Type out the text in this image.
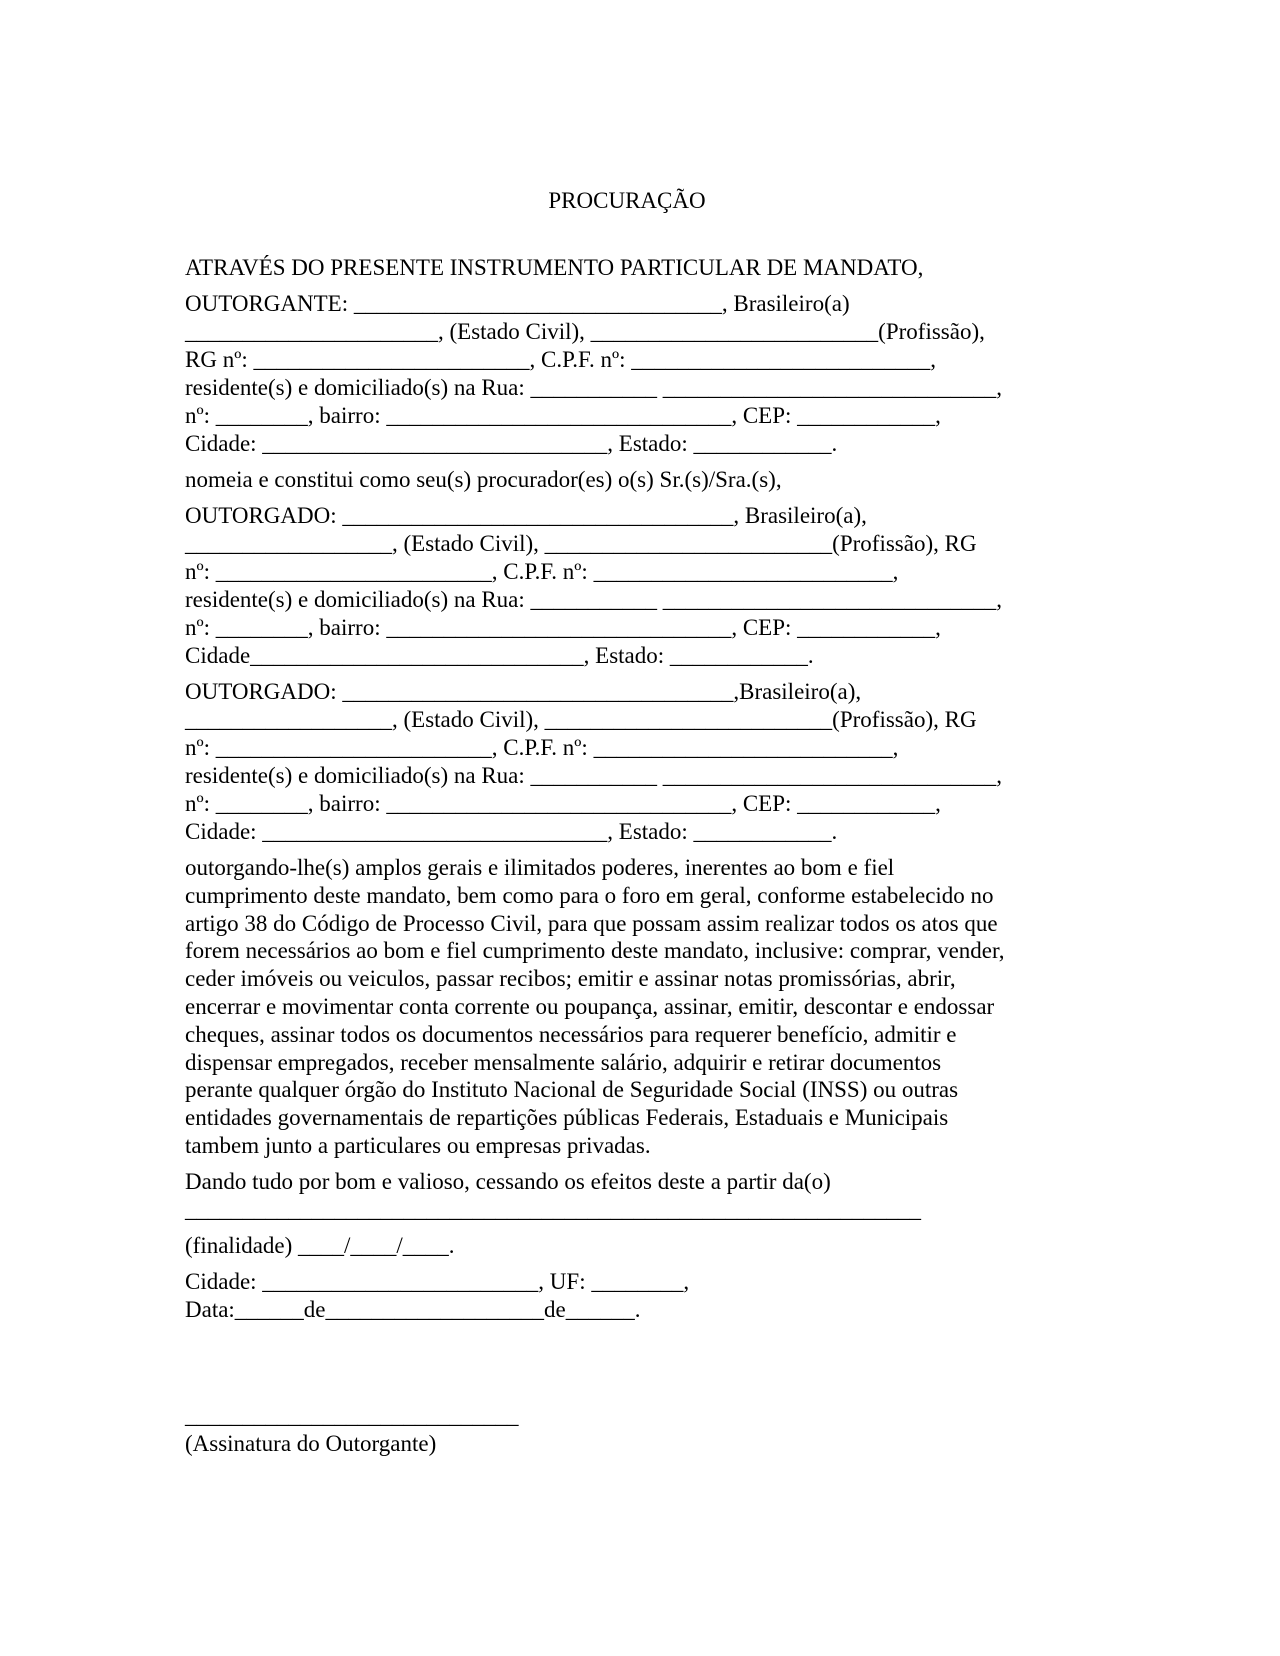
PROCURAÇÃO
ATRAVÉS DO PRESENTE INSTRUMENTO PARTICULAR DE MANDATO,
OUTORGANTE: ________________________________, Brasileiro(a)
______________________, (Estado Civil), _________________________(Profissão),
RG nº: ________________________, C.P.F. nº: __________________________,
residente(s) e domiciliado(s) na Rua: ___________ _____________________________,
nº: ________, bairro: ______________________________, CEP: ____________,
Cidade: ______________________________, Estado: ____________.
nomeia e constitui como seu(s) procurador(es) o(s) Sr.(s)/Sra.(s),
OUTORGADO: __________________________________, Brasileiro(a),
__________________, (Estado Civil), _________________________(Profissão), RG
nº: ________________________, C.P.F. nº: __________________________,
residente(s) e domiciliado(s) na Rua: ___________ _____________________________,
nº: ________, bairro: ______________________________, CEP: ____________,
Cidade_____________________________, Estado: ____________.
OUTORGADO: __________________________________,Brasileiro(a),
__________________, (Estado Civil), _________________________(Profissão), RG
nº: ________________________, C.P.F. nº: __________________________,
residente(s) e domiciliado(s) na Rua: ___________ _____________________________,
nº: ________, bairro: ______________________________, CEP: ____________,
Cidade: ______________________________, Estado: ____________.
outorgando-lhe(s) amplos gerais e ilimitados poderes, inerentes ao bom e fiel
cumprimento deste mandato, bem como para o foro em geral, conforme estabelecido no
artigo 38 do Código de Processo Civil, para que possam assim realizar todos os atos que
forem necessários ao bom e fiel cumprimento deste mandato, inclusive: comprar, vender,
ceder imóveis ou veiculos, passar recibos; emitir e assinar notas promissórias, abrir,
encerrar e movimentar conta corrente ou poupança, assinar, emitir, descontar e endossar
cheques, assinar todos os documentos necessários para requerer benefício, admitir e
dispensar empregados, receber mensalmente salário, adquirir e retirar documentos
perante qualquer órgão do Instituto Nacional de Seguridade Social (INSS) ou outras
entidades governamentais de repartições públicas Federais, Estaduais e Municipais
tambem junto a particulares ou empresas privadas.
Dando tudo por bom e valioso, cessando os efeitos deste a partir da(o)
________________________________________________________________
(finalidade) ____/____/____.
Cidade: ________________________, UF: ________,
Data:______de___________________de______.
_____________________________
(Assinatura do Outorgante)
